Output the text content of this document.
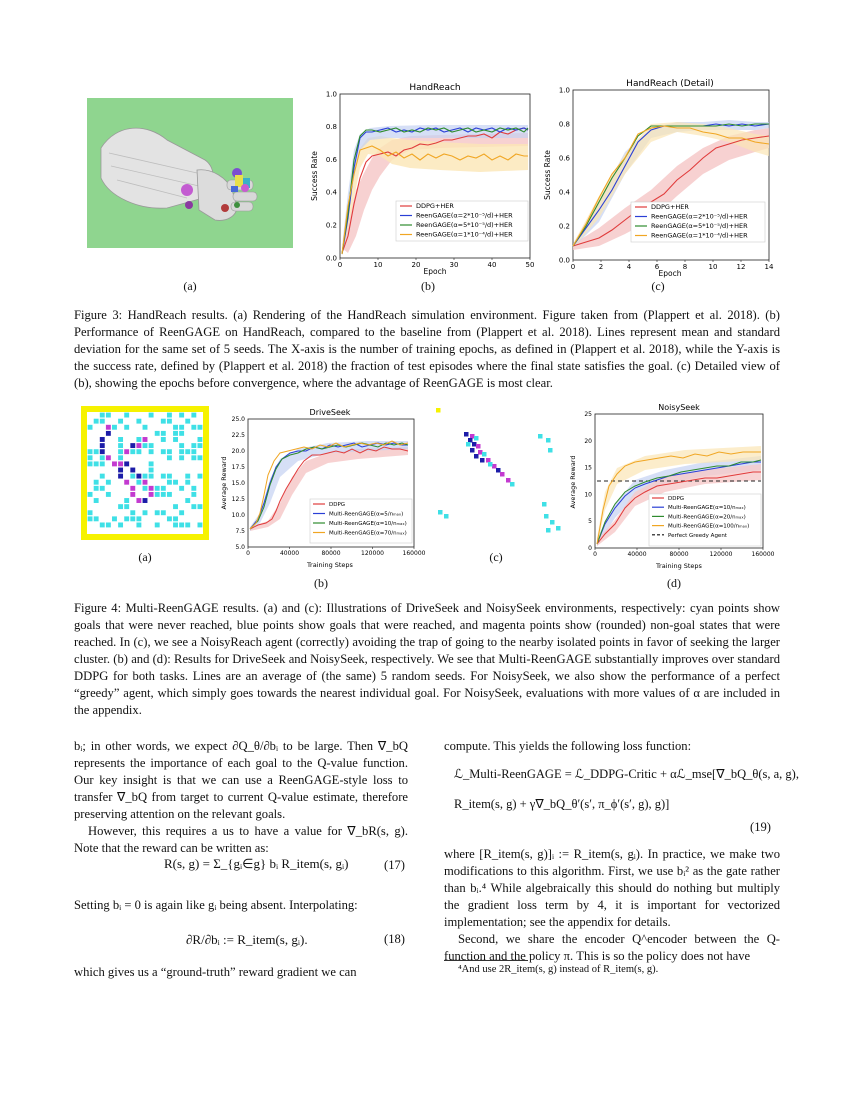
(a)
HandReach
0	10	20	30	40	50
0.0
0.2
0.4
0.6
0.8
1.0
Epoch
Success Rate
DDPG+HER
ReenGAGE(α=2*10⁻⁵/d)+HER
ReenGAGE(α=5*10⁻⁵/d)+HER
ReenGAGE(α=1*10⁻⁴/d)+HER
(b)
HandReach (Detail)
0	2	4	6	8	10	12	14
0.0
0.2
0.4
0.6
0.8
1.0
Epoch
Success Rate
DDPG+HER
ReenGAGE(α=2*10⁻⁵/d)+HER
ReenGAGE(α=5*10⁻⁵/d)+HER
ReenGAGE(α=1*10⁻⁴/d)+HER
(c)
Figure 3: HandReach results. (a) Rendering of the HandReach simulation environment. Figure taken from (Plappert et al. 2018). (b) Performance of ReenGAGE on HandReach, compared to the baseline from (Plappert et al. 2018). Lines represent mean and standard deviation for the same set of 5 seeds. The X-axis is the number of training epochs, as defined in (Plappert et al. 2018), while the Y-axis is the success rate, defined by (Plappert et al. 2018) the fraction of test episodes where the final state satisfies the goal. (c) Detailed view of (b), showing the epochs before convergence, where the advantage of ReenGAGE is most clear.
(a)
DriveSeek
0	40000	80000	120000	160000
5.0
7.5
10.0
12.5
15.0
17.5
20.0
22.5
25.0
Training Steps
Average Reward	DDPG
Multi-ReenGAGE(α=5/nₘₐₓ)
Multi-ReenGAGE(α=10/nₘₐₓ)
Multi-ReenGAGE(α=70/nₘₐₓ)
(b)
(c)
NoisySeek
0	40000	80000	120000	160000
0
5
10
15
20
25
Training Steps
Average Reward	DDPG
Multi-ReenGAGE(α=10/nₘₐₓ)
Multi-ReenGAGE(α=20/nₘₐₓ)
Multi-ReenGAGE(α=100/nₘₐₓ)
Perfect Greedy Agent
(d)
Figure 4: Multi-ReenGAGE results. (a) and (c): Illustrations of DriveSeek and NoisySeek environments, respectively: cyan points show goals that were never reached, blue points show goals that were reached, and magenta points show (rounded) non-goal states that were reached. In (c), we see a NoisyReach agent (correctly) avoiding the trap of going to the nearby isolated points in favor of seeking the larger cluster. (b) and (d): Results for DriveSeek and NoisySeek, respectively. We see that Multi-ReenGAGE substantially improves over standard DDPG for both tasks. Lines are an average of (the same) 5 random seeds. For NoisySeek, we also show the performance of a perfect “greedy” agent, which simply goes towards the nearest individual goal. For NoisySeek, evaluations with more values of α are included in the appendix.

bᵢ; in other words, we expect ∂Q_θ/∂bᵢ to be large. Then ∇_bQ represents the importance of each goal to the Q-value function. Our key insight is that we can use a ReenGAGE-style loss to transfer ∇_bQ from target to current Q-value estimate, therefore preserving attention on the relevant goals.

However, this requires a us to have a value for ∇_bR(s, g). Note that the reward can be written as:

R(s, g) = Σ_{gᵢ∈g} bᵢ R_item(s, gᵢ)	(17)
Setting bᵢ = 0 is again like gᵢ being absent. Interpolating:
∂R/∂bᵢ := R_item(s, gᵢ).	(18)
which gives us a “ground-truth” reward gradient we can
compute. This yields the following loss function:
ℒ_Multi-ReenGAGE = ℒ_DDPG-Critic + αℒ_mse[∇_bQ_θ(s, a, g),
R_item(s, g) + γ∇_bQ_θ′(s′, π_ϕ′(s′, g), g)]
(19)

where [R_item(s, g)]ᵢ := R_item(s, gᵢ). In practice, we make two modifications to this algorithm. First, we use bᵢ² as the gate rather than bᵢ.⁴ While algebraically this should do nothing but multiply the gradient loss term by 4, it is important for vectorized implementation; see the appendix for details.

Second, we share the encoder Q^encoder between the Q-function and the policy π. This is so the policy does not have

⁴And use 2R_item(s, g) instead of R_item(s, g).
